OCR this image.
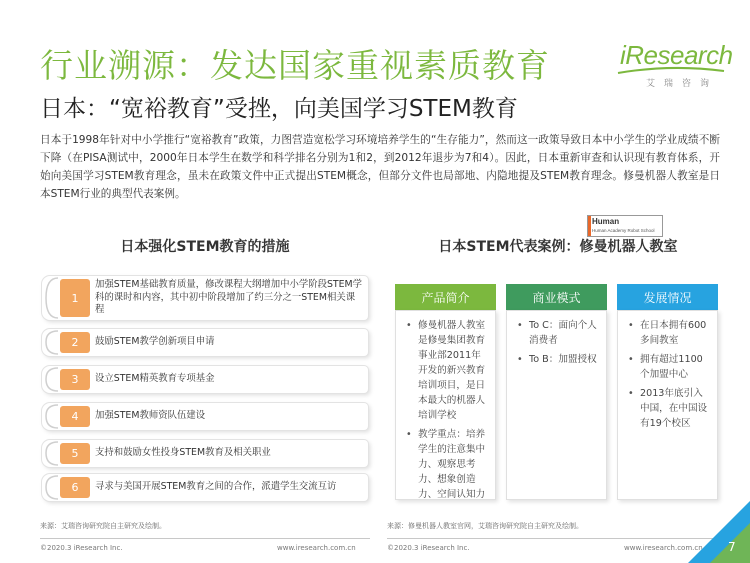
行业溯源：发达国家重视素质教育
日本：“宽裕教育”受挫，向美国学习STEM教育
iResearch
艾瑞咨询

日本于1998年针对中小学推行“宽裕教育”政策，力图营造宽松学习环境培养学生的“生存能力”，然而这一政策导致日本中小学生的学业成绩不断下降（在PISA测试中，2000年日本学生在数学和科学排名分别为1和2，到2012年退步为7和4）。因此，日本重新审查和认识现有教育体系，开始向美国学习STEM教育理念，虽未在政策文件中正式提出STEM概念，但部分文件也局部地、内隐地提及STEM教育理念。修曼机器人教室是日本STEM行业的典型代表案例。

日本强化STEM教育的措施	日本STEM代表案例：修曼机器人教室
Human
Human Academy Robot School
1
加强STEM基础教育质量，修改课程大纲增加中小学阶段STEM学科的课时和内容，其中初中阶段增加了约三分之一STEM相关课程
2	鼓励STEM教学创新项目申请
3	设立STEM精英教育专项基金
4	加强STEM教师资队伍建设
5	支持和鼓励女性投身STEM教育及相关职业
6	寻求与美国开展STEM教育之间的合作，派遣学生交流互访
产品简介
• 修曼机器人教室是修曼集团教育事业部2011年开发的新兴教育培训项目，是日本最大的机器人培训学校
• 教学重点：培养学生的注意集中力、观察思考力、想象创造力、空间认知力
商业模式
• To C：面向个人消费者
• To B：加盟授权
发展情况
• 在日本拥有600多间教室
• 拥有超过1100个加盟中心
• 2013年底引入中国，在中国设有19个校区
来源：艾瑞咨询研究院自主研究及绘制。	来源：修曼机器人教室官网，艾瑞咨询研究院自主研究及绘制。
©2020.3 iResearch Inc.	www.iresearch.com.cn	©2020.3 iResearch Inc.	www.iresearch.com.cn 7
